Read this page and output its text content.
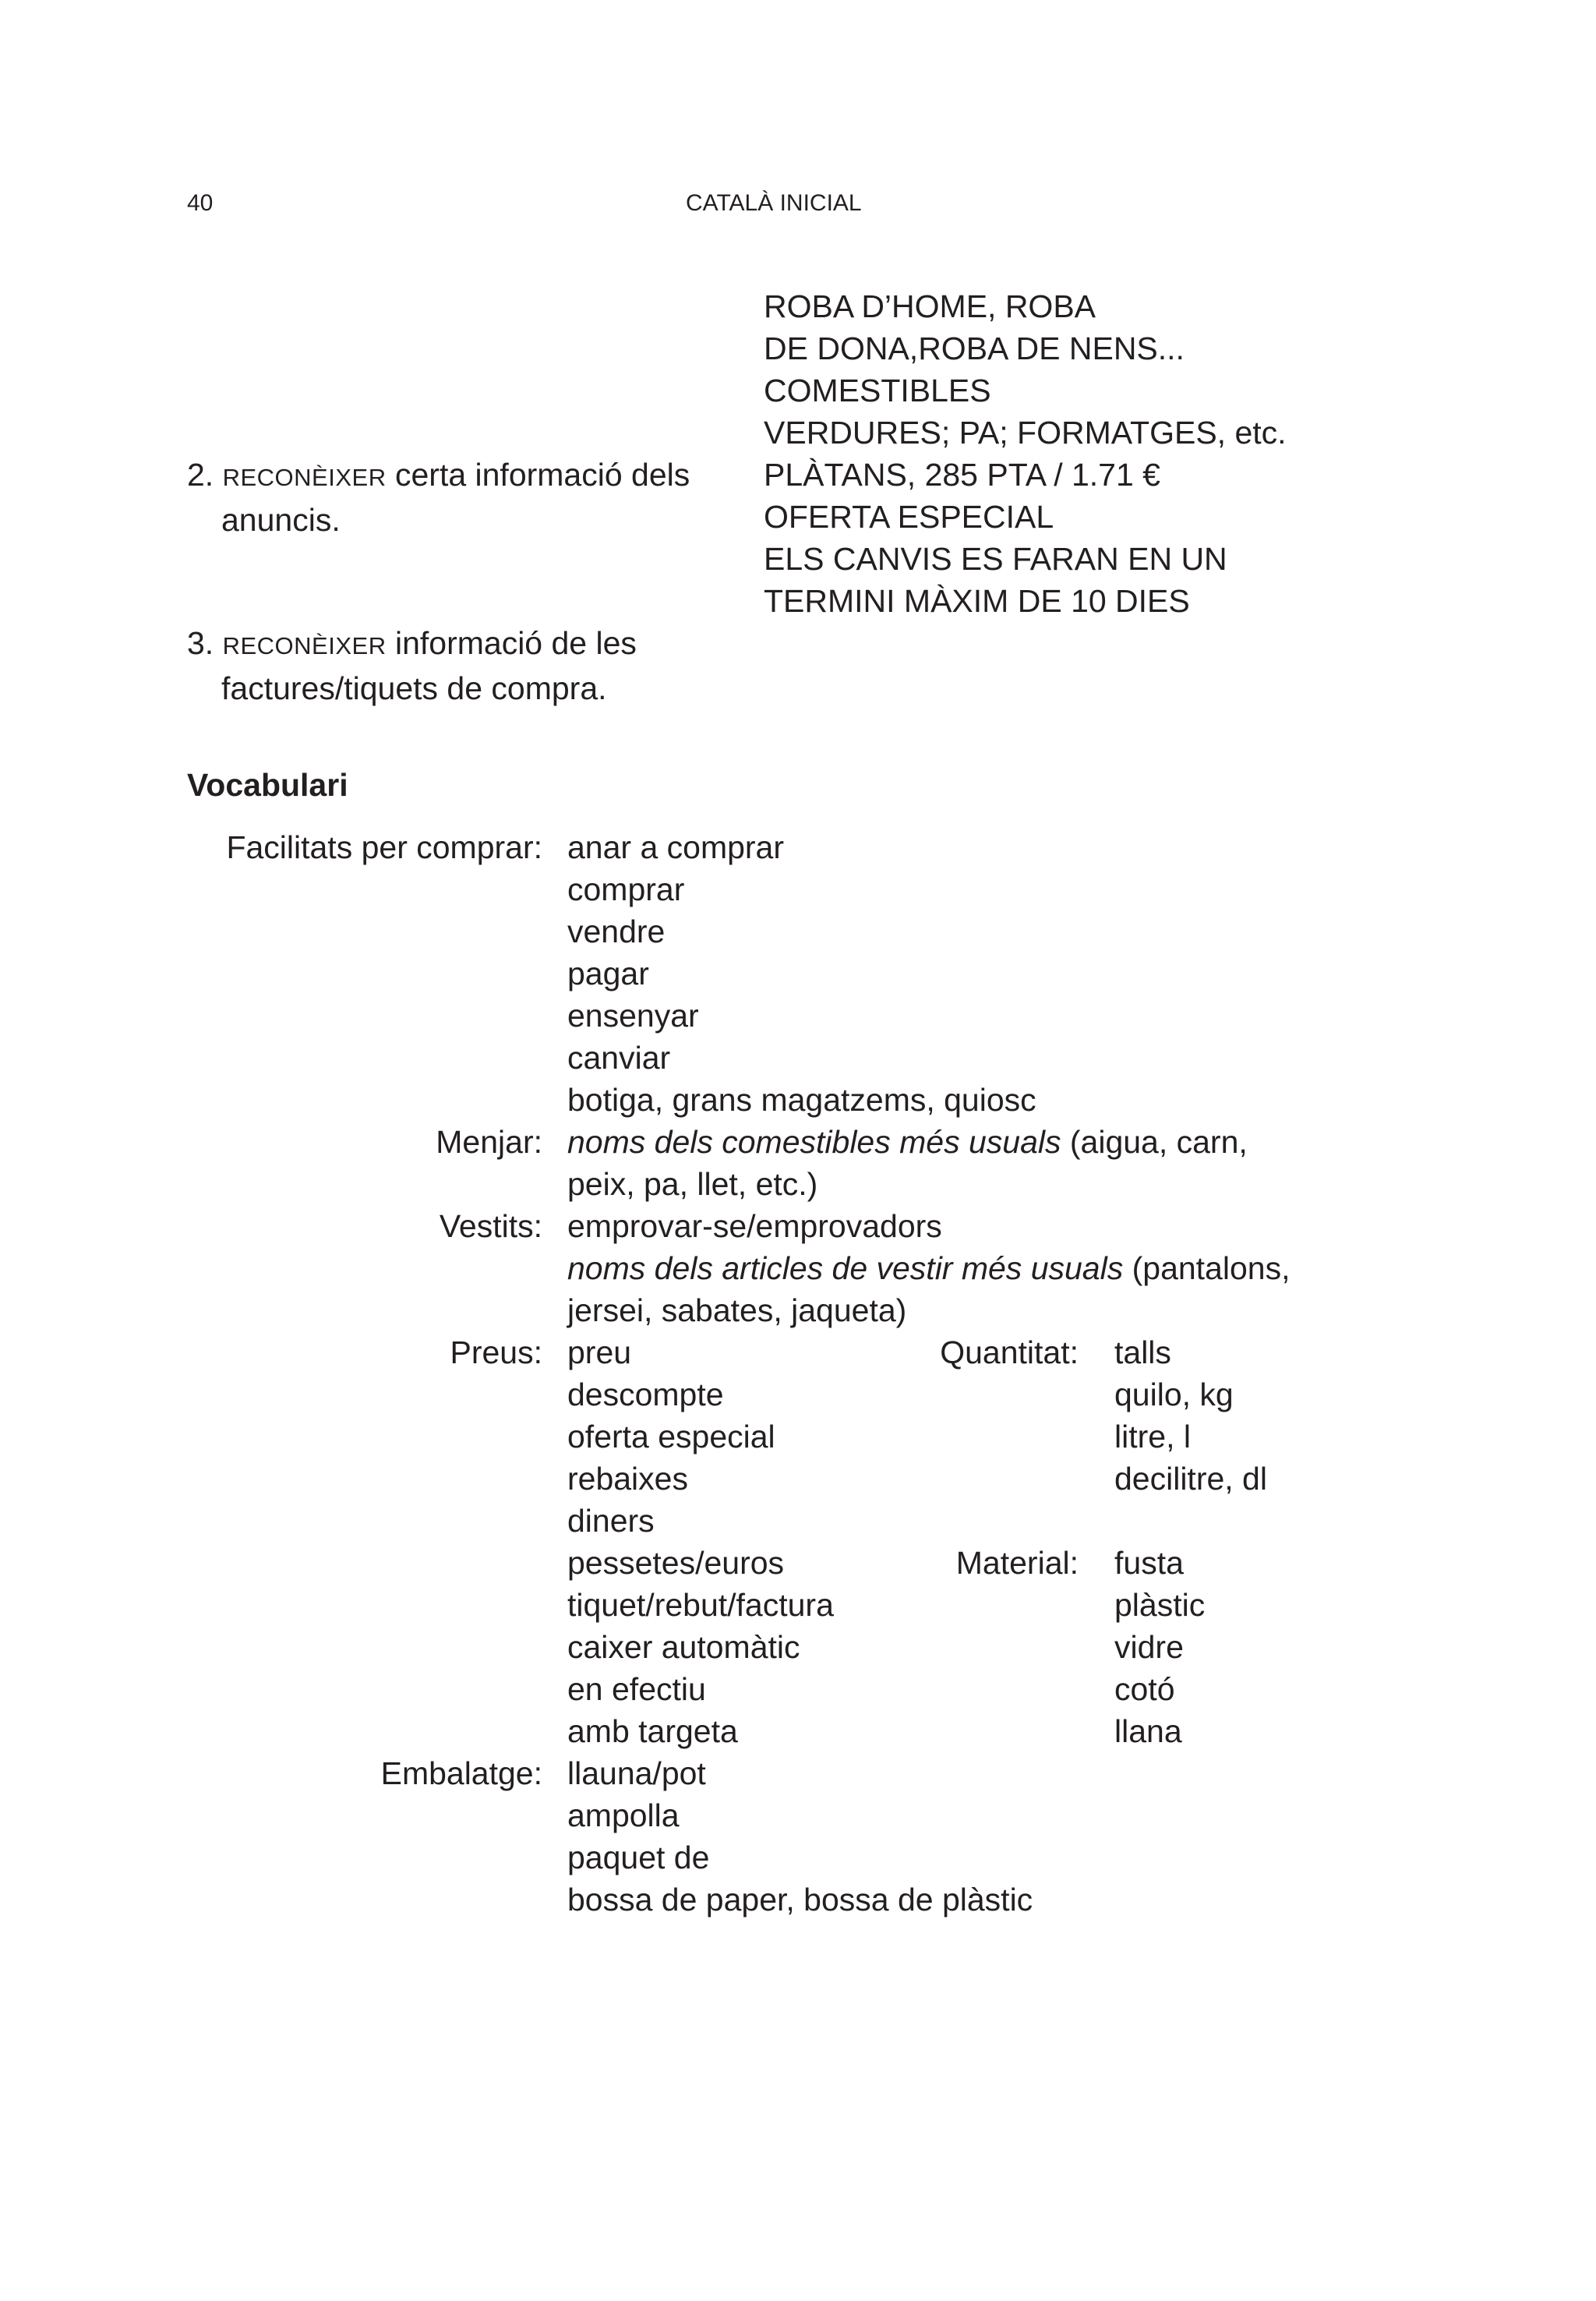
40	CATALÀ INICIAL
ROBA D’HOME, ROBA
DE DONA,ROBA DE NENS...
COMESTIBLES
VERDURES; PA; FORMATGES, etc.
PLÀTANS, 285 PTA / 1.71 €
OFERTA ESPECIAL
ELS CANVIS ES FARAN EN UN
TERMINI MÀXIM DE 10 DIES
2. RECONÈIXER certa informació dels
anuncis.
3. RECONÈIXER informació de les
factures/tiquets de compra.
Vocabulari
Facilitats per comprar: anar a comprar
comprar
vendre
pagar
ensenyar
canviar
botiga, grans magatzems, quiosc
Menjar: noms dels comestibles més usuals (aigua, carn,
peix, pa, llet, etc.)
Vestits: emprovar-se/emprovadors
noms dels articles de vestir més usuals (pantalons,
jersei, sabates, jaqueta)
Preus: preu
descompte
oferta especial
rebaixes
diners
pessetes/euros
tiquet/rebut/factura
caixer automàtic
en efectiu
amb targeta
Quantitat: talls
quilo, kg
litre, l
decilitre, dl
Material: fusta
plàstic
vidre
cotó
llana
Embalatge: llauna/pot
ampolla
paquet de
bossa de paper, bossa de plàstic
